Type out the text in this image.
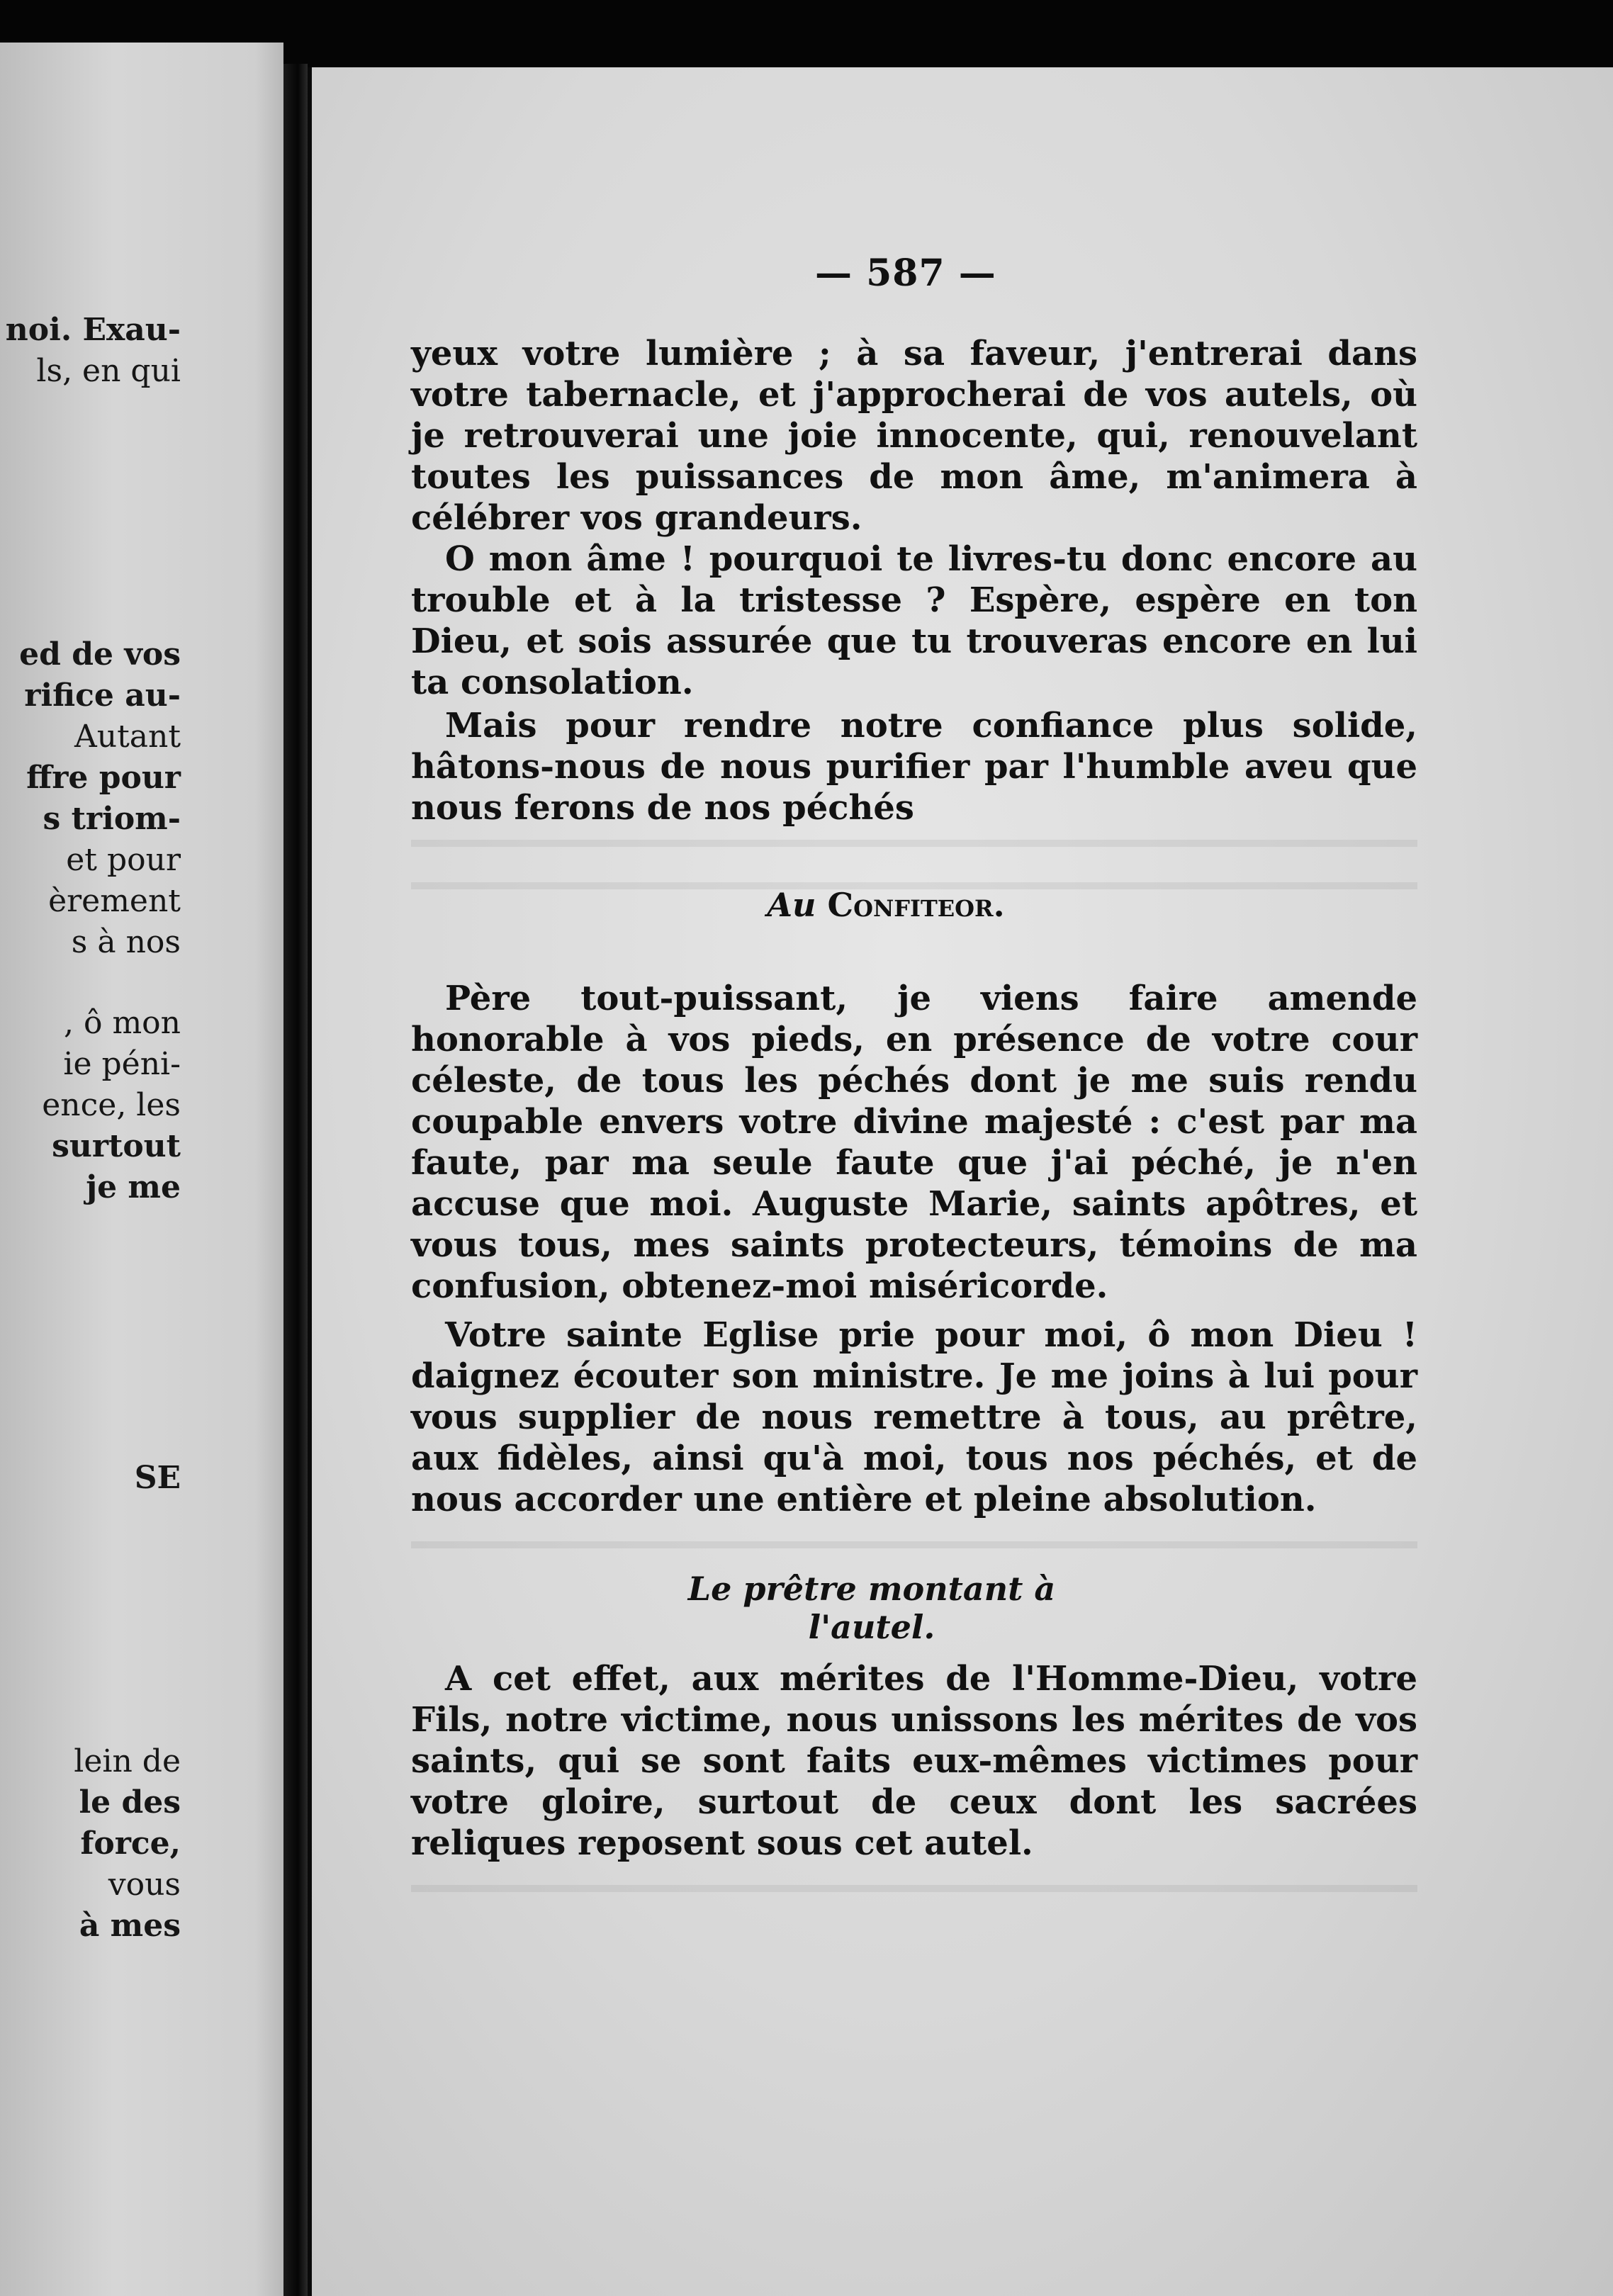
noi. Exau-
ls, en qui
ed de vos
rifice au-
Autant
ffre pour
s triom-
et pour
èrement
s à nos
, ô mon
ie péni-
ence, les
surtout
je me
SE
lein de
le des
force,
vous
à mes
— 587 —

yeux votre lumière ; à sa faveur, j'entrerai dans votre tabernacle, et j'approcherai de vos autels, où je retrouverai une joie innocente, qui, renouvelant toutes les puissances de mon âme, m'animera à célébrer vos grandeurs.

O mon âme ! pourquoi te livres-tu donc encore au trouble et à la tristesse ? Espère, espère en ton Dieu, et sois assurée que tu trouveras encore en lui ta consolation.

Mais pour rendre notre confiance plus solide, hâtons-nous de nous purifier par l'humble aveu que nous ferons de nos péchés

Au Confiteor.

Père tout-puissant, je viens faire amende honorable à vos pieds, en présence de votre cour céleste, de tous les péchés dont je me suis rendu coupable envers votre divine majesté : c'est par ma faute, par ma seule faute que j'ai péché, je n'en accuse que moi. Auguste Marie, saints apôtres, et vous tous, mes saints protecteurs, témoins de ma confusion, obtenez-moi miséricorde.

Votre sainte Eglise prie pour moi, ô mon Dieu ! daignez écouter son ministre. Je me joins à lui pour vous supplier de nous remettre à tous, au prêtre, aux fidèles, ainsi qu'à moi, tous nos péchés, et de nous accorder une entière et pleine absolution.

Le prêtre montant à l'autel.

A cet effet, aux mérites de l'Homme-Dieu, votre Fils, notre victime, nous unissons les mérites de vos saints, qui se sont faits eux-mêmes victimes pour votre gloire, surtout de ceux dont les sacrées reliques reposent sous cet autel.
